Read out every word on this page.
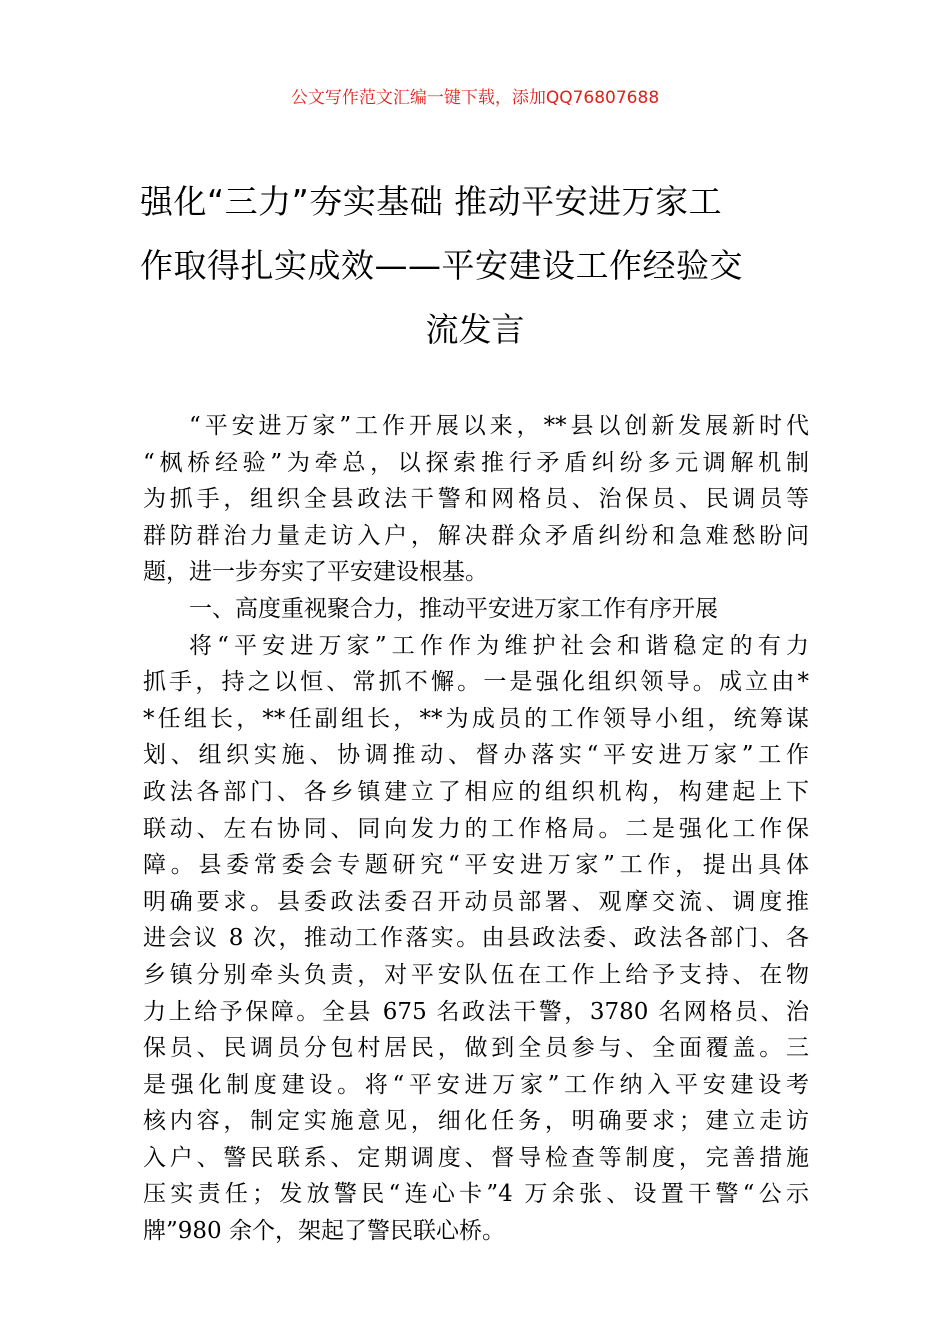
公文写作范文汇编一键下载，添加QQ76807688
强化“三力”夯实基础 推动平安进万家工
作取得扎实成效——平安建设工作经验交
流发言
“平安进万家”工作开展以来，**县以创新发展新时代
“枫桥经验”为牵总，以探索推行矛盾纠纷多元调解机制
为抓手，组织全县政法干警和网格员、治保员、民调员等
群防群治力量走访入户，解决群众矛盾纠纷和急难愁盼问
题，进一步夯实了平安建设根基。
一、高度重视聚合力，推动平安进万家工作有序开展
将“平安进万家”工作作为维护社会和谐稳定的有力
抓手，持之以恒、常抓不懈。一是强化组织领导。成立由*
*任组长，**任副组长，**为成员的工作领导小组，统筹谋
划、组织实施、协调推动、督办落实“平安进万家”工作
政法各部门、各乡镇建立了相应的组织机构，构建起上下
联动、左右协同、同向发力的工作格局。二是强化工作保
障。县委常委会专题研究“平安进万家”工作，提出具体
明确要求。县委政法委召开动员部署、观摩交流、调度推
进会议 8 次，推动工作落实。由县政法委、政法各部门、各
乡镇分别牵头负责，对平安队伍在工作上给予支持、在物
力上给予保障。全县 675 名政法干警，3780 名网格员、治
保员、民调员分包村居民，做到全员参与、全面覆盖。三
是强化制度建设。将“平安进万家”工作纳入平安建设考
核内容，制定实施意见，细化任务，明确要求；建立走访
入户、警民联系、定期调度、督导检查等制度，完善措施
压实责任；发放警民“连心卡”4 万余张、设置干警“公示
牌”980 余个，架起了警民联心桥。
